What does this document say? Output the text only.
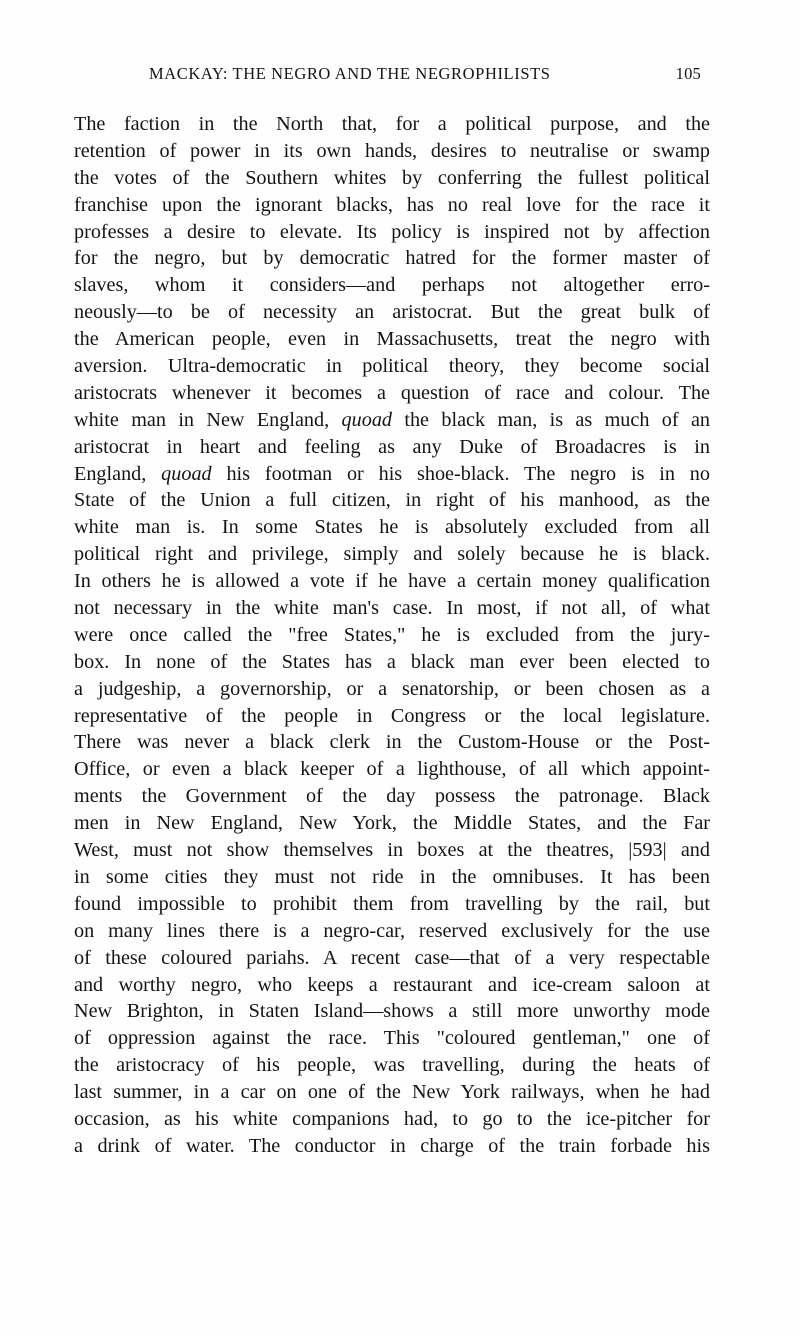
MACKAY: THE NEGRO AND THE NEGROPHILISTS	105
The faction in the North that, for a political purpose, and the
retention of power in its own hands, desires to neutralise or swamp
the votes of the Southern whites by conferring the fullest political
franchise upon the ignorant blacks, has no real love for the race it
professes a desire to elevate. Its policy is inspired not by affection
for the negro, but by democratic hatred for the former master of
slaves, whom it considers—and perhaps not altogether erro-
neously—to be of necessity an aristocrat. But the great bulk of
the American people, even in Massachusetts, treat the negro with
aversion. Ultra-democratic in political theory, they become social
aristocrats whenever it becomes a question of race and colour. The
white man in New England, quoad the black man, is as much of an
aristocrat in heart and feeling as any Duke of Broadacres is in
England, quoad his footman or his shoe-black. The negro is in no
State of the Union a full citizen, in right of his manhood, as the
white man is. In some States he is absolutely excluded from all
political right and privilege, simply and solely because he is black.
In others he is allowed a vote if he have a certain money qualification
not necessary in the white man's case. In most, if not all, of what
were once called the "free States," he is excluded from the jury-
box. In none of the States has a black man ever been elected to
a judgeship, a governorship, or a senatorship, or been chosen as a
representative of the people in Congress or the local legislature.
There was never a black clerk in the Custom-House or the Post-
Office, or even a black keeper of a lighthouse, of all which appoint-
ments the Government of the day possess the patronage. Black
men in New England, New York, the Middle States, and the Far
West, must not show themselves in boxes at the theatres, |593| and
in some cities they must not ride in the omnibuses. It has been
found impossible to prohibit them from travelling by the rail, but
on many lines there is a negro-car, reserved exclusively for the use
of these coloured pariahs. A recent case—that of a very respectable
and worthy negro, who keeps a restaurant and ice-cream saloon at
New Brighton, in Staten Island—shows a still more unworthy mode
of oppression against the race. This "coloured gentleman," one of
the aristocracy of his people, was travelling, during the heats of
last summer, in a car on one of the New York railways, when he had
occasion, as his white companions had, to go to the ice-pitcher for
a drink of water. The conductor in charge of the train forbade his
